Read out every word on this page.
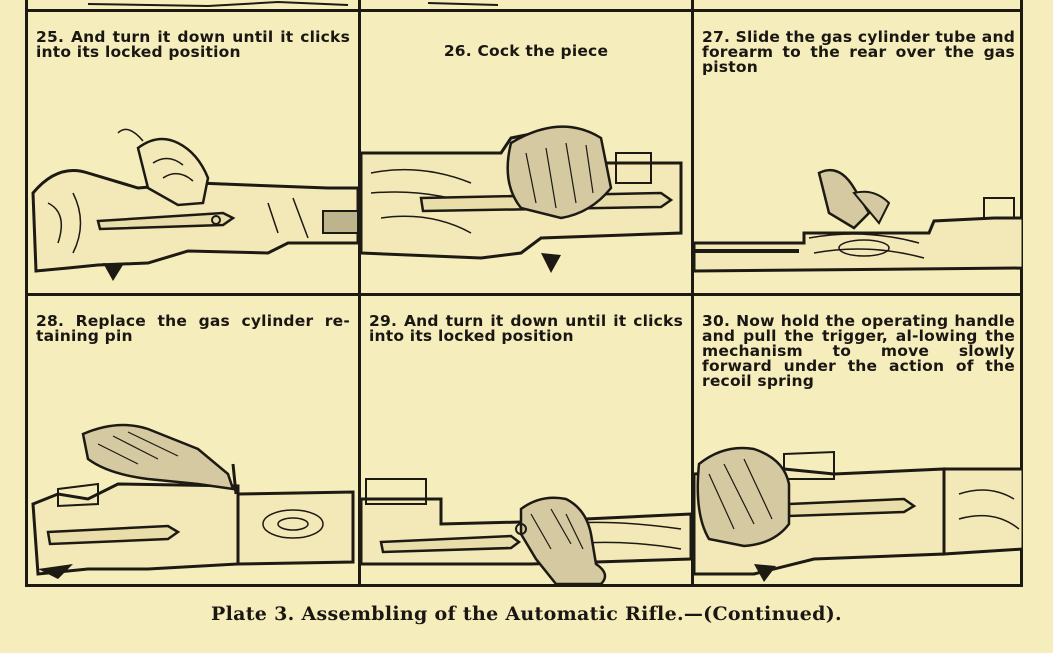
25. And turn it down until it clicks into its locked position	26. Cock the piece
27. Slide the gas cylinder tube and forearm to the rear over the gas piston
28. Replace the gas cylinder re-taining pin
29. And turn it down until it clicks into its locked position
30. Now hold the operating handle and pull the trigger, al-lowing the mechanism to move slowly forward under the action of the recoil spring
Plate 3. Assembling of the Automatic Rifle.—(Continued).
